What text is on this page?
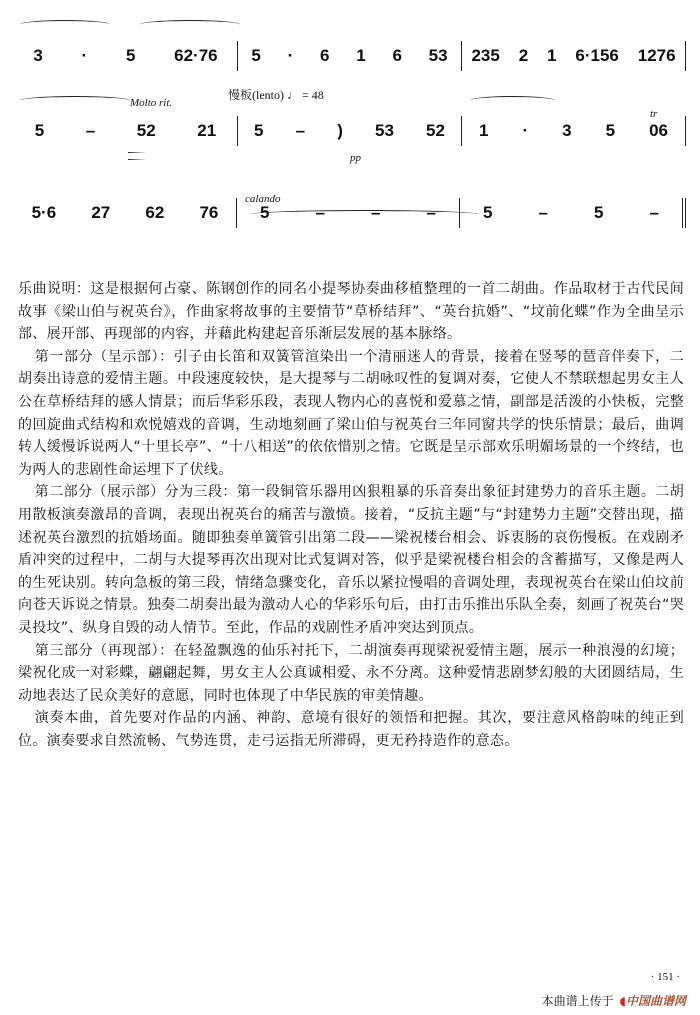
3 · 5 62·76 5 · 6 1 6 53 235 2 1 6·156 1276
5 – 52 21 5 – ) 53 52 1 · 3 5 06
5·6 27 62 76 5	–	–	–	5	–	5	–
Molto rit.
慢板(lento) ♩ = 48
pp
tr
calando

乐曲说明：这是根据何占豪、陈钢创作的同名小提琴协奏曲移植整理的一首二胡曲。作品取材于古代民间故事《梁山伯与祝英台》，作曲家将故事的主要情节“草桥结拜”、“英台抗婚”、“坟前化蝶”作为全曲呈示部、展开部、再现部的内容，并藉此构建起音乐渐层发展的基本脉络。

第一部分（呈示部）：引子由长笛和双簧管渲染出一个清丽迷人的背景，接着在竖琴的琶音伴奏下，二胡奏出诗意的爱情主题。中段速度较快，是大提琴与二胡咏叹性的复调对奏，它使人不禁联想起男女主人公在草桥结拜的感人情景；而后华彩乐段，表现人物内心的喜悦和爱慕之情，副部是活泼的小快板，完整的回旋曲式结构和欢悦嬉戏的音调，生动地刻画了梁山伯与祝英台三年同窗共学的快乐情景；最后，曲调转人缓慢诉说两人“十里长亭”、“十八相送”的依依惜别之情。它既是呈示部欢乐明媚场景的一个终结，也为两人的悲剧性命运埋下了伏线。

第二部分（展示部）分为三段：第一段铜管乐器用凶狠粗暴的乐音奏出象征封建势力的音乐主题。二胡用散板演奏激昂的音调，表现出祝英台的痛苦与激愤。接着，“反抗主题”与“封建势力主题”交替出现，描述祝英台激烈的抗婚场面。随即独奏单簧管引出第二段——梁祝楼台相会、诉衷肠的哀伤慢板。在戏剧矛盾冲突的过程中，二胡与大提琴再次出现对比式复调对答，似乎是梁祝楼台相会的含蓄描写，又像是两人的生死诀别。转向急板的第三段，情绪急骤变化，音乐以紧拉慢唱的音调处理，表现祝英台在梁山伯坟前向苍天诉说之情景。独奏二胡奏出最为激动人心的华彩乐句后，由打击乐推出乐队全奏，刻画了祝英台“哭灵投坟”、纵身自毁的动人情节。至此，作品的戏剧性矛盾冲突达到顶点。

第三部分（再现部）：在轻盈飘逸的仙乐衬托下，二胡演奏再现梁祝爱情主题，展示一种浪漫的幻境；梁祝化成一对彩蝶，翩翩起舞，男女主人公真诚相爱、永不分离。这种爱情悲剧梦幻般的大团圆结局，生动地表达了民众美好的意愿，同时也体现了中华民族的审美情趣。

演奏本曲，首先要对作品的内涵、神韵、意境有很好的领悟和把握。其次，要注意风格韵味的纯正到位。演奏要求自然流畅、气势连贯，走弓运指无所滞碍，更无矜持造作的意态。

· 151 ·
本曲谱上传于 ◖中国曲谱网
